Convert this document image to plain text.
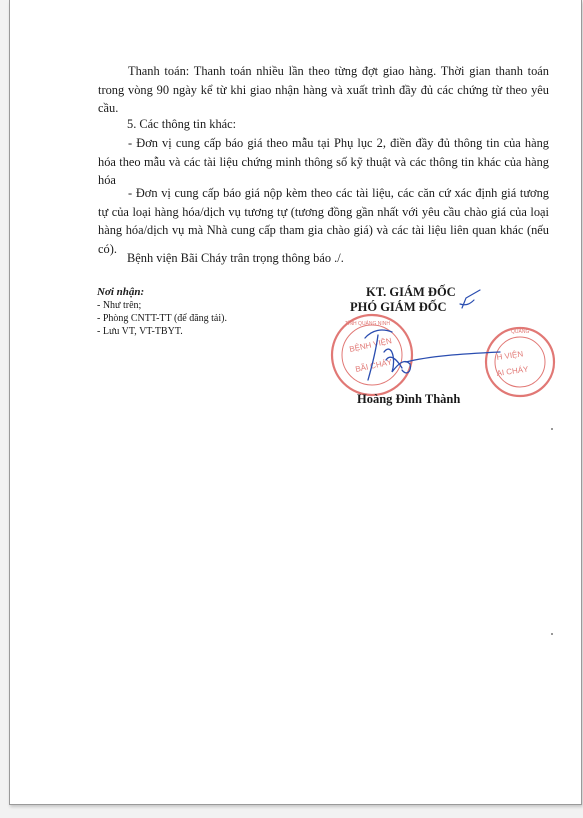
Thanh toán: Thanh toán nhiều lần theo từng đợt giao hàng. Thời gian thanh toán trong vòng 90 ngày kể từ khi giao nhận hàng và xuất trình đầy đủ các chứng từ theo yêu cầu.

5. Các thông tin khác:

- Đơn vị cung cấp báo giá theo mẫu tại Phụ lục 2, điền đầy đủ thông tin của hàng hóa theo mẫu và các tài liệu chứng minh thông số kỹ thuật và các thông tin khác của hàng hóa

- Đơn vị cung cấp báo giá nộp kèm theo các tài liệu, các căn cứ xác định giá tương tự của loại hàng hóa/dịch vụ tương tự (tương đồng gần nhất với yêu cầu chào giá của loại hàng hóa/dịch vụ mà Nhà cung cấp tham gia chào giá) và các tài liệu liên quan khác (nếu có).

Bệnh viện Bãi Cháy trân trọng thông báo ./.

Nơi nhận:
- Như trên;
- Phòng CNTT-TT (để đăng tải).
- Lưu VT, VT-TBYT.
BỆNH VIỆN
BÃI CHÁY
TỈNH QUẢNG NINH
H VIỆN
AI CHÁY
QUẢNG
KT. GIÁM ĐỐC
PHÓ GIÁM ĐỐC
Hoàng Đình Thành
